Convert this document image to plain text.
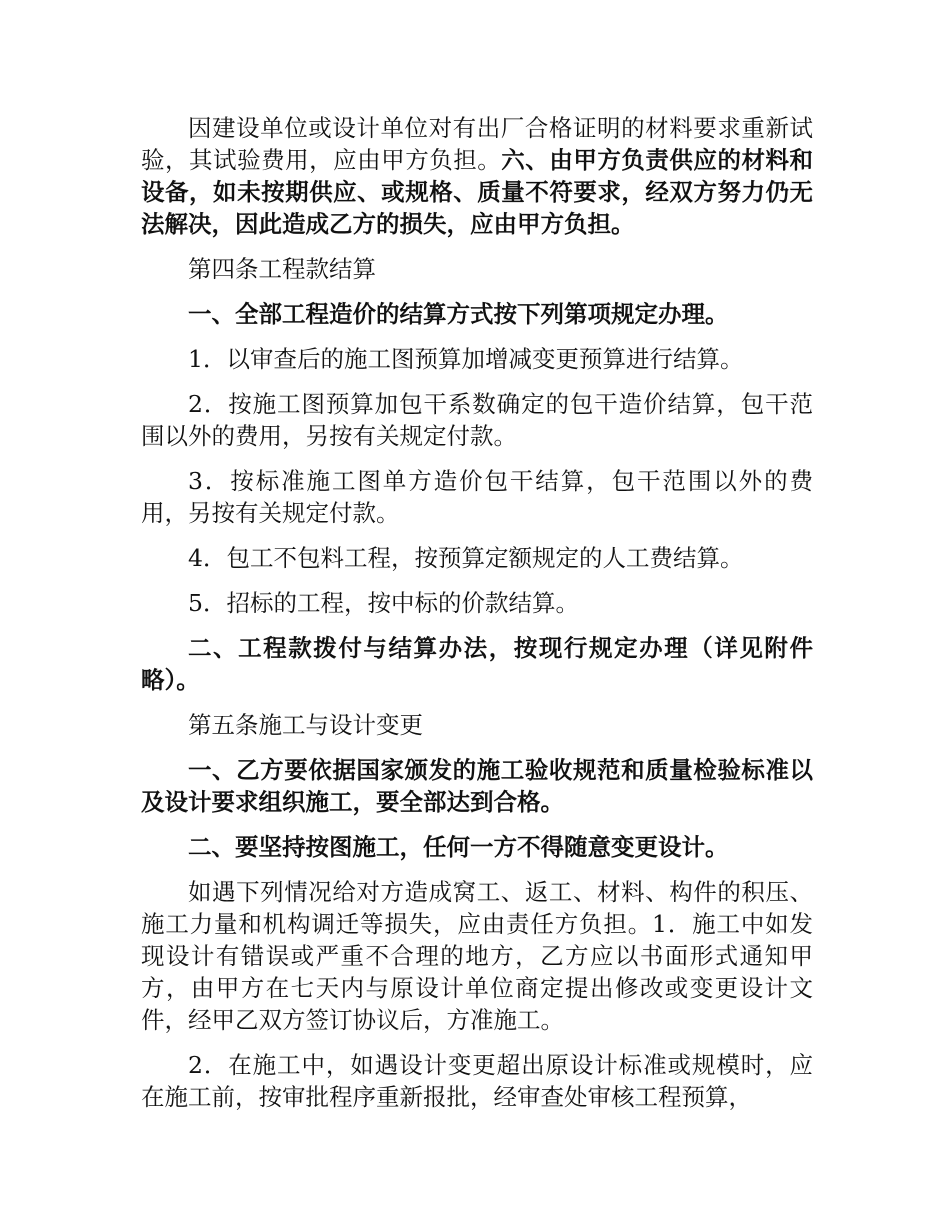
因建设单位或设计单位对有出厂合格证明的材料要求重新试验，其试验费用，应由甲方负担。六、由甲方负责供应的材料和设备，如未按期供应、或规格、质量不符要求，经双方努力仍无法解决，因此造成乙方的损失，应由甲方负担。

第四条工程款结算

一、全部工程造价的结算方式按下列第项规定办理。

1．以审查后的施工图预算加增减变更预算进行结算。

2．按施工图预算加包干系数确定的包干造价结算，包干范围以外的费用，另按有关规定付款。

3．按标准施工图单方造价包干结算，包干范围以外的费用，另按有关规定付款。

4．包工不包料工程，按预算定额规定的人工费结算。

5．招标的工程，按中标的价款结算。

二、工程款拨付与结算办法，按现行规定办理（详见附件略）。

第五条施工与设计变更

一、乙方要依据国家颁发的施工验收规范和质量检验标准以及设计要求组织施工，要全部达到合格。

二、要坚持按图施工，任何一方不得随意变更设计。

如遇下列情况给对方造成窝工、返工、材料、构件的积压、施工力量和机构调迁等损失，应由责任方负担。1．施工中如发现设计有错误或严重不合理的地方，乙方应以书面形式通知甲方，由甲方在七天内与原设计单位商定提出修改或变更设计文件，经甲乙双方签订协议后，方准施工。

2．在施工中，如遇设计变更超出原设计标准或规模时，应在施工前，按审批程序重新报批，经审查处审核工程预算，
